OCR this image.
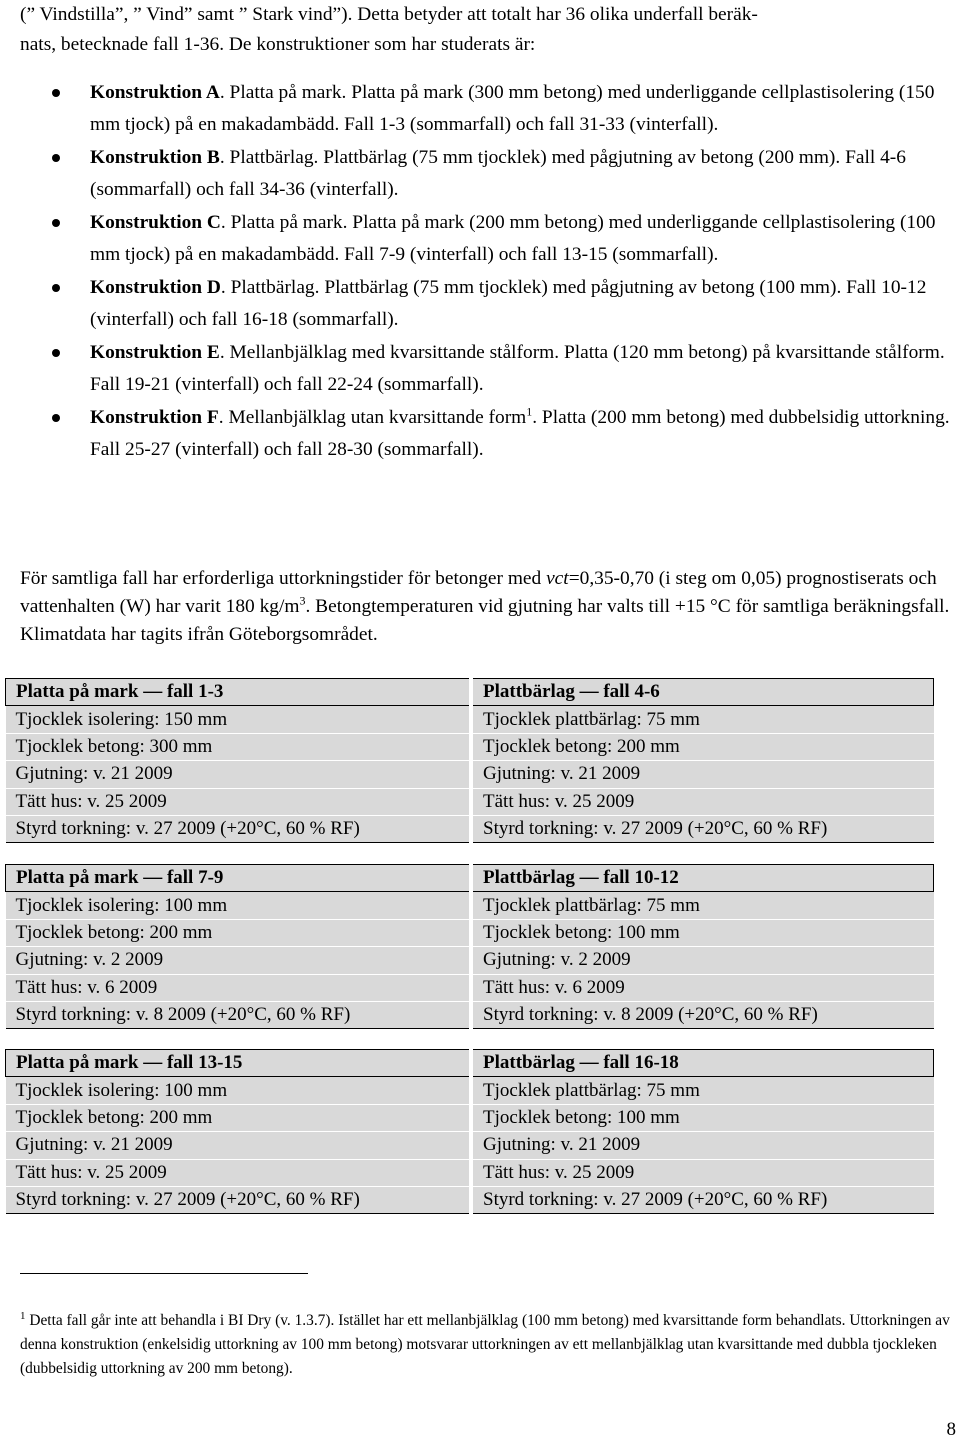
(” Vindstilla”, ” Vind” samt ” Stark vind”). Detta betyder att totalt har 36 olika underfall beräk-
nats, betecknade fall 1-36. De konstruktioner som har studerats är:

Konstruktion A. Platta på mark. Platta på mark (300 mm betong) med underliggande cellplastisolering (150 mm tjock) på en makadambädd. Fall 1-3 (sommarfall) och fall 31-33 (vinterfall).
Konstruktion B. Plattbärlag. Plattbärlag (75 mm tjocklek) med pågjutning av betong (200 mm). Fall 4-6 (sommarfall) och fall 34-36 (vinterfall).
Konstruktion C. Platta på mark. Platta på mark (200 mm betong) med underliggande cellplastisolering (100 mm tjock) på en makadambädd. Fall 7-9 (vinterfall) och fall 13-15 (sommarfall).
Konstruktion D. Plattbärlag. Plattbärlag (75 mm tjocklek) med pågjutning av betong (100 mm). Fall 10-12 (vinterfall) och fall 16-18 (sommarfall).
Konstruktion E. Mellanbjälklag med kvarsittande stålform. Platta (120 mm betong) på kvarsittande stålform. Fall 19-21 (vinterfall) och fall 22-24 (sommarfall).
Konstruktion F. Mellanbjälklag utan kvarsittande form$^1$. Platta (200 mm betong) med dubbelsidig uttorkning. Fall 25-27 (vinterfall) och fall 28-30 (sommarfall).

För samtliga fall har erforderliga uttorkningstider för betonger med vct=0,35-0,70 (i steg om 0,05) prognostiserats och vattenhalten (W) har varit 180 $kg/m^3$. Betongtemperaturen vid gjutning har valts till +15 °C för samtliga beräkningsfall. Klimatdata har tagits ifrån Göteborgsområdet.

Platta på mark — fall 1-3	Plattbärlag — fall 4-6
Tjocklek isolering: 150 mm	Tjocklek plattbärlag: 75 mm
Tjocklek betong: 300 mm	Tjocklek betong: 200 mm
Gjutning: v. 21 2009	Gjutning: v. 21 2009
Tätt hus: v. 25 2009	Tätt hus: v. 25 2009
Styrd torkning: v. 27 2009 (+20°C, 60 % RF)	Styrd torkning: v. 27 2009 (+20°C, 60 % RF)
Platta på mark — fall 7-9	Plattbärlag — fall 10-12
Tjocklek isolering: 100 mm	Tjocklek plattbärlag: 75 mm
Tjocklek betong: 200 mm	Tjocklek betong: 100 mm
Gjutning: v. 2 2009	Gjutning: v. 2 2009
Tätt hus: v. 6 2009	Tätt hus: v. 6 2009
Styrd torkning: v. 8 2009 (+20°C, 60 % RF)	Styrd torkning: v. 8 2009 (+20°C, 60 % RF)
Platta på mark — fall 13-15	Plattbärlag — fall 16-18
Tjocklek isolering: 100 mm	Tjocklek plattbärlag: 75 mm
Tjocklek betong: 200 mm	Tjocklek betong: 100 mm
Gjutning: v. 21 2009	Gjutning: v. 21 2009
Tätt hus: v. 25 2009	Tätt hus: v. 25 2009
Styrd torkning: v. 27 2009 (+20°C, 60 % RF)	Styrd torkning: v. 27 2009 (+20°C, 60 % RF)

$^1$ Detta fall går inte att behandla i BI Dry (v. 1.3.7). Istället har ett mellanbjälklag (100 mm betong) med kvarsittande form behandlats. Uttorkningen av denna konstruktion (enkelsidig uttorkning av 100 mm betong) motsvarar uttorkningen av ett mellanbjälklag utan kvarsittande med dubbla tjockleken (dubbelsidig uttorkning av 200 mm betong).

8
